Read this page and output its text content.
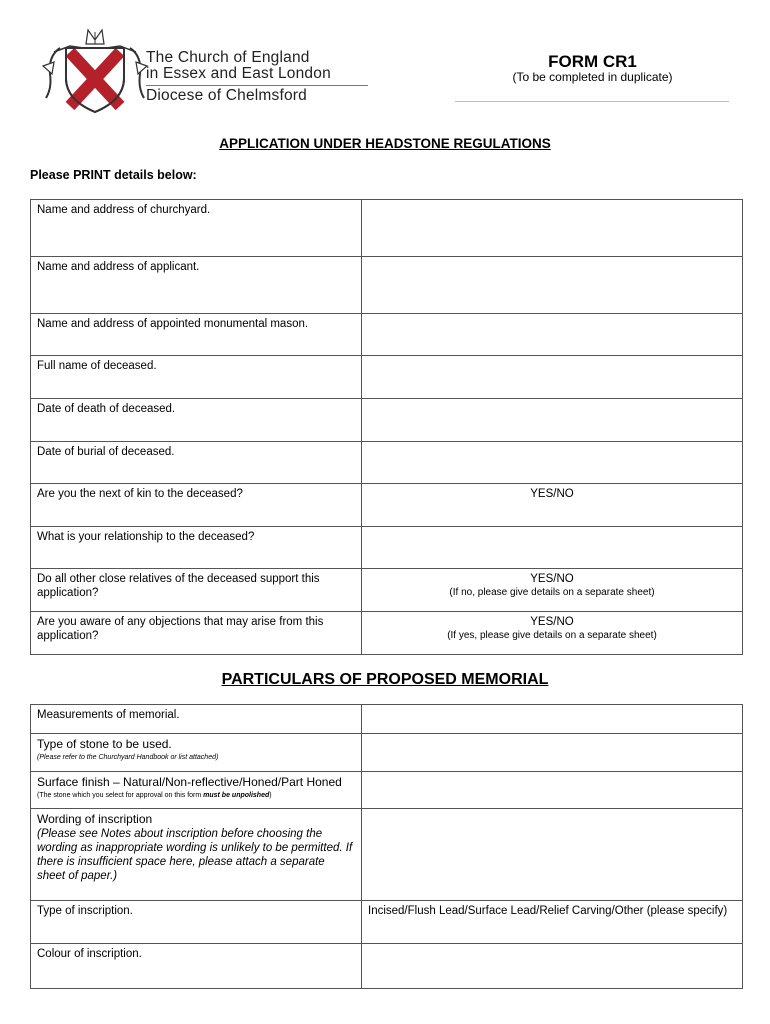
The Church of England
in Essex and East London
Diocese of Chelmsford
FORM CR1
(To be completed in duplicate)
APPLICATION UNDER HEADSTONE REGULATIONS
Please PRINT details below:
Name and address of churchyard.	
Name and address of applicant.	
Name and address of appointed monumental mason.	
Full name of deceased.	
Date of death of deceased.	
Date of burial of deceased.	
Are you the next of kin to the deceased?	YES/NO
What is your relationship to the deceased?	
Do all other close relatives of the deceased support this application?	YES/NO
(If no, please give details on a separate sheet)

Are you aware of any objections that may arise from this application?	YES/NO
(If yes, please give details on a separate sheet)
PARTICULARS OF PROPOSED MEMORIAL
Measurements of memorial.	
Type of stone to be used.
(Please refer to the Churchyard Handbook or list attached)	

Surface finish – Natural/Non-reflective/Honed/Part Honed
(The stone which you select for approval on this form must be unpolished)	

Wording of inscription
(Please see Notes about inscription before choosing the wording as inappropriate wording is unlikely to be permitted. If there is insufficient space here, please attach a separate sheet of paper.)	

Type of inscription.	Incised/Flush Lead/Surface Lead/Relief Carving/Other (please specify)
Colour of inscription.	
